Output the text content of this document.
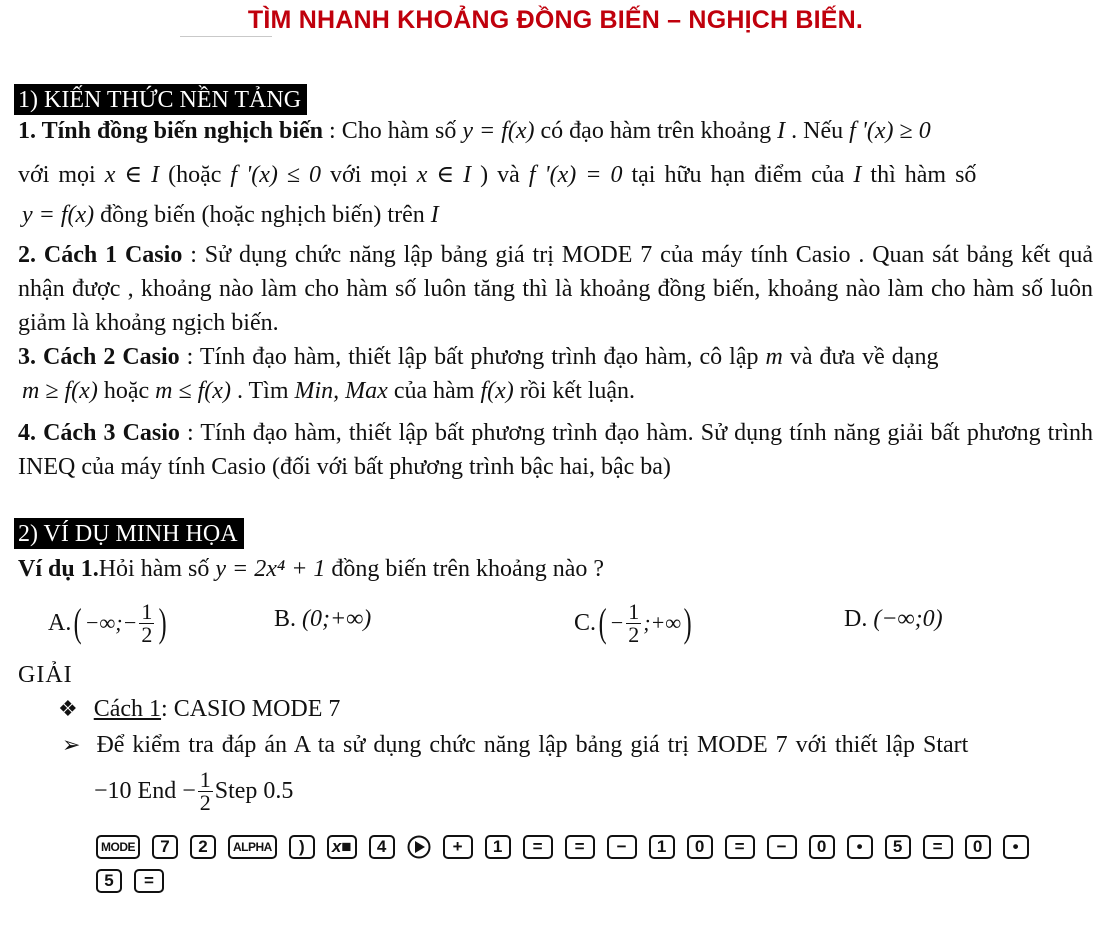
TÌM NHANH KHOẢNG ĐỒNG BIẾN – NGHỊCH BIẾN.
1) KIẾN THỨC NỀN TẢNG
1. Tính đồng biến nghịch biến : Cho hàm số y = f(x) có đạo hàm trên khoảng I . Nếu f '(x) ≥ 0
với mọi x ∈ I (hoặc f '(x) ≤ 0 với mọi x ∈ I ) và f '(x) = 0 tại hữu hạn điểm của I thì hàm số
y = f(x) đồng biến (hoặc nghịch biến) trên I
2. Cách 1 Casio : Sử dụng chức năng lập bảng giá trị MODE 7 của máy tính Casio . Quan sát bảng kết quả nhận được , khoảng nào làm cho hàm số luôn tăng thì là khoảng đồng biến, khoảng nào làm cho hàm số luôn giảm là khoảng ngịch biến.
3. Cách 2 Casio : Tính đạo hàm, thiết lập bất phương trình đạo hàm, cô lập m và đưa về dạng
m ≥ f(x) hoặc m ≤ f(x) . Tìm Min, Max của hàm f(x) rồi kết luận.
4. Cách 3 Casio : Tính đạo hàm, thiết lập bất phương trình đạo hàm. Sử dụng tính năng giải bất phương trình INEQ của máy tính Casio (đối với bất phương trình bậc hai, bậc ba)
2) VÍ DỤ MINH HỌA
Ví dụ 1.Hỏi hàm số y = 2x⁴ + 1 đồng biến trên khoảng nào ?
A. ( −∞;− $\frac{1}{2}$ )	B. (0;+∞)	C. ( − $\frac{1}{2}$ ;+∞ )	D. (−∞;0)
GIẢI
❖ Cách 1: CASIO MODE 7
➢ Để kiểm tra đáp án A ta sử dụng chức năng lập bảng giá trị MODE 7 với thiết lập Start
−10 End − $\frac{1}{2}$ Step 0.5
MODE	7	2	ALPHA	)	x■	4	+	1	=	=	−	1	0	=	−	0	•	5	=	0	•
5	=
